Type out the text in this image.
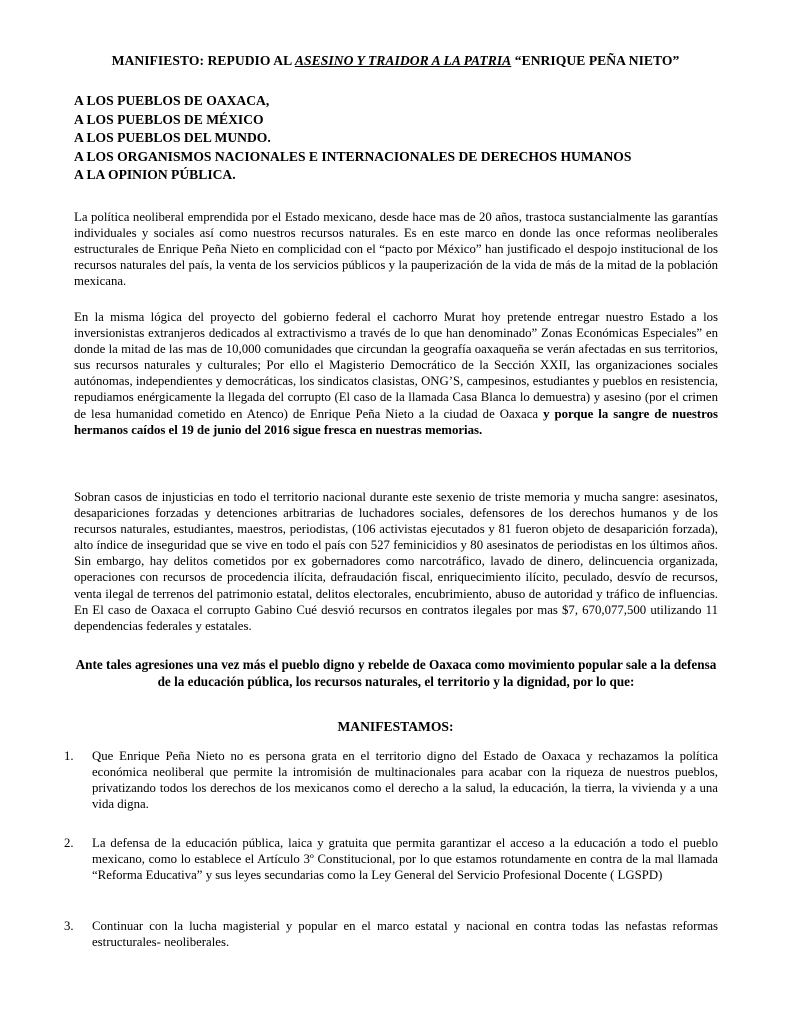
MANIFIESTO: REPUDIO AL ASESINO Y TRAIDOR A LA PATRIA “ENRIQUE PEÑA NIETO”
A LOS PUEBLOS DE OAXACA,
A LOS PUEBLOS DE MÉXICO
A LOS PUEBLOS DEL MUNDO.
A LOS ORGANISMOS NACIONALES E INTERNACIONALES DE DERECHOS HUMANOS
A LA OPINION PÚBLICA.
La política neoliberal emprendida por el Estado mexicano, desde hace mas de 20 años, trastoca sustancialmente las garantías individuales y sociales así como nuestros recursos naturales. Es en este marco en donde las once reformas neoliberales estructurales de Enrique Peña Nieto en complicidad con el “pacto por México” han justificado el despojo institucional de los recursos naturales del país, la venta de los servicios públicos y la pauperización de la vida de más de la mitad de la población mexicana.
En la misma lógica del proyecto del gobierno federal el cachorro Murat hoy pretende entregar nuestro Estado a los inversionistas extranjeros dedicados al extractivismo a través de lo que han denominado” Zonas Económicas Especiales” en donde la mitad de las mas de 10,000 comunidades que circundan la geografía oaxaqueña se verán afectadas en sus territorios, sus recursos naturales y culturales; Por ello el Magisterio Democrático de la Sección XXII, las organizaciones sociales autónomas, independientes y democráticas, los sindicatos clasistas, ONG’S, campesinos, estudiantes y pueblos en resistencia, repudiamos enérgicamente la llegada del corrupto (El caso de la llamada Casa Blanca lo demuestra) y asesino (por el crimen de lesa humanidad cometido en Atenco) de Enrique Peña Nieto a la ciudad de Oaxaca y porque la sangre de nuestros hermanos caídos el 19 de junio del 2016 sigue fresca en nuestras memorias.
Sobran casos de injusticias en todo el territorio nacional durante este sexenio de triste memoria y mucha sangre: asesinatos, desapariciones forzadas y detenciones arbitrarias de luchadores sociales, defensores de los derechos humanos y de los recursos naturales, estudiantes, maestros, periodistas, (106 activistas ejecutados y 81 fueron objeto de desaparición forzada), alto índice de inseguridad que se vive en todo el país con 527 feminicidios y 80 asesinatos de periodistas en los últimos años. Sin embargo, hay delitos cometidos por ex gobernadores como narcotráfico, lavado de dinero, delincuencia organizada, operaciones con recursos de procedencia ilícita, defraudación fiscal, enriquecimiento ilícito, peculado, desvío de recursos, venta ilegal de terrenos del patrimonio estatal, delitos electorales, encubrimiento, abuso de autoridad y tráfico de influencias. En El caso de Oaxaca el corrupto Gabino Cué desvió recursos en contratos ilegales por mas $7, 670,077,500 utilizando 11 dependencias federales y estatales.
Ante tales agresiones una vez más el pueblo digno y rebelde de Oaxaca como movimiento popular sale a la defensa de la educación pública, los recursos naturales, el territorio y la dignidad, por lo que:
MANIFESTAMOS:
1. Que Enrique Peña Nieto no es persona grata en el territorio digno del Estado de Oaxaca y rechazamos la política económica neoliberal que permite la intromisión de multinacionales para acabar con la riqueza de nuestros pueblos, privatizando todos los derechos de los mexicanos como el derecho a la salud, la educación, la tierra, la vivienda y a una vida digna.
2. La defensa de la educación pública, laica y gratuita que permita garantizar el acceso a la educación a todo el pueblo mexicano, como lo establece el Artículo 3º Constitucional, por lo que estamos rotundamente en contra de la mal llamada “Reforma Educativa” y sus leyes secundarias como la Ley General del Servicio Profesional Docente ( LGSPD)
3. Continuar con la lucha magisterial y popular en el marco estatal y nacional en contra todas las nefastas reformas estructurales- neoliberales.
